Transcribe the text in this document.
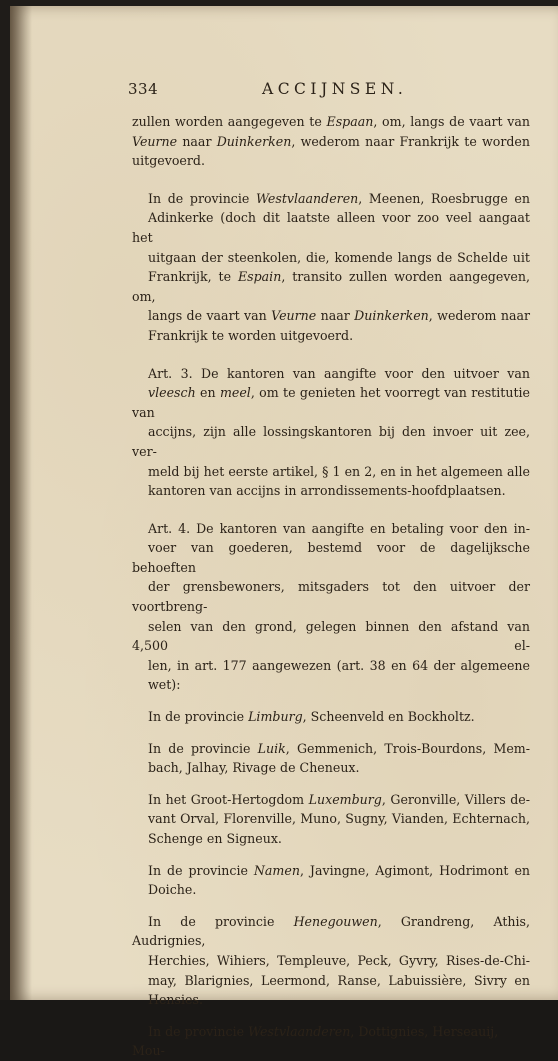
334	ACCIJNSEN.

zullen worden aangegeven te Espaan, om, langs de vaart van
Veurne naar Duinkerken, wederom naar Frankrijk te worden
uitgevoerd.

In de provincie Westvlaanderen, Meenen, Roesbrugge en
Adinkerke (doch dit laatste alleen voor zoo veel aangaat het
uitgaan der steenkolen, die, komende langs de Schelde uit
Frankrijk, te Espain, transito zullen worden aangegeven, om,
langs de vaart van Veurne naar Duinkerken, wederom naar
Frankrijk te worden uitgevoerd.

Art. 3. De kantoren van aangifte voor den uitvoer van
vleesch en meel, om te genieten het voorregt van restitutie van
accijns, zijn alle lossingskantoren bij den invoer uit zee, ver-
meld bij het eerste artikel, § 1 en 2, en in het algemeen alle
kantoren van accijns in arrondissements-hoofdplaatsen.

Art. 4. De kantoren van aangifte en betaling voor den in-
voer van goederen, bestemd voor de dagelijksche behoeften
der grensbewoners, mitsgaders tot den uitvoer der voortbreng-
selen van den grond, gelegen binnen den afstand van 4,500 el-
len, in art. 177 aangewezen (art. 38 en 64 der algemeene
wet):

In de provincie Limburg, Scheenveld en Bockholtz.

In de provincie Luik, Gemmenich, Trois-Bourdons, Mem-
bach, Jalhay, Rivage de Cheneux.

In het Groot-Hertogdom Luxemburg, Geronville, Villers de-
vant Orval, Florenville, Muno, Sugny, Vianden, Echternach,
Schenge en Signeux.

In de provincie Namen, Javingne, Agimont, Hodrimont en
Doiche.

In de provincie Henegouwen, Grandreng, Athis, Audrignies,
Herchies, Wihiers, Templeuve, Peck, Gyvry, Rises-de-Chi-
may, Blarignies, Leermond, Ranse, Labuissière, Sivry en
Hensies.

In de provincie Westvlaanderen, Dottignies, Herseauij, Mou-
